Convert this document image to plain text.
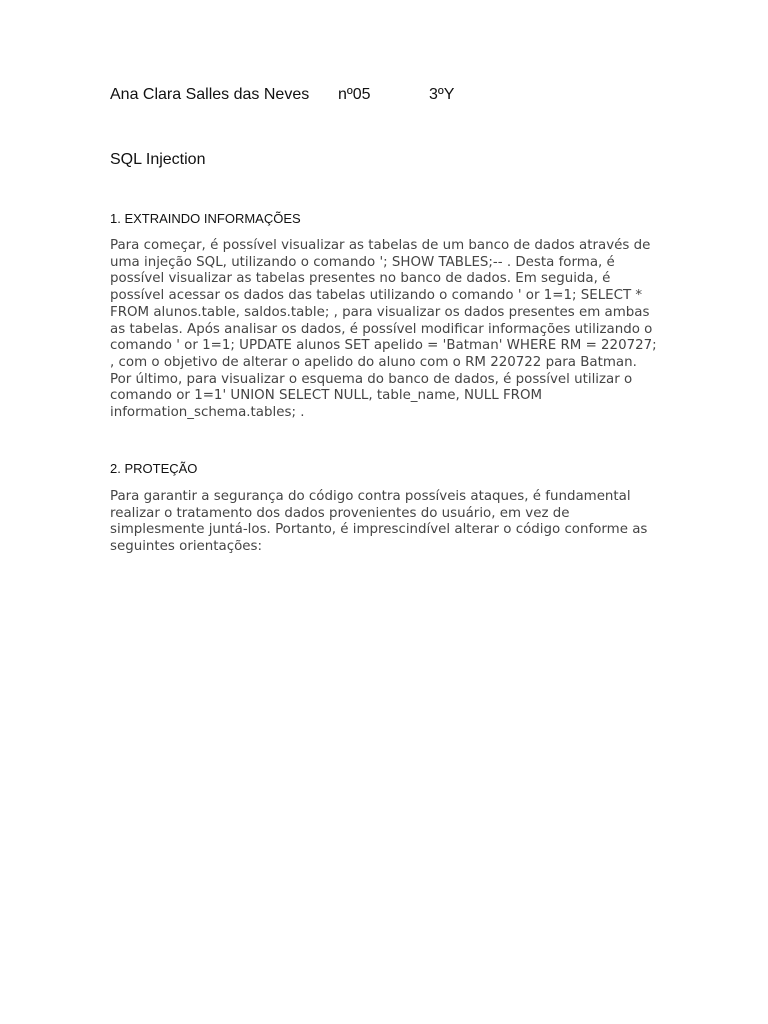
Ana Clara Salles das Neves nº05	3ºY
SQL Injection
1. EXTRAINDO INFORMAÇÕES

Para começar, é possível visualizar as tabelas de um banco de dados através de uma injeção SQL, utilizando o comando '; SHOW TABLES;-- . Desta forma, é possível visualizar as tabelas presentes no banco de dados. Em seguida, é possível acessar os dados das tabelas utilizando o comando ' or 1=1; SELECT * FROM alunos.table, saldos.table; , para visualizar os dados presentes em ambas as tabelas. Após analisar os dados, é possível modificar informações utilizando o comando ' or 1=1; UPDATE alunos SET apelido = 'Batman' WHERE RM = 220727; , com o objetivo de alterar o apelido do aluno com o RM 220722 para Batman. Por último, para visualizar o esquema do banco de dados, é possível utilizar o comando or 1=1' UNION SELECT NULL, table_name, NULL FROM information_schema.tables; .

2. PROTEÇÃO

Para garantir a segurança do código contra possíveis ataques, é fundamental realizar o tratamento dos dados provenientes do usuário, em vez de simplesmente juntá-los. Portanto, é imprescindível alterar o código conforme as seguintes orientações:
